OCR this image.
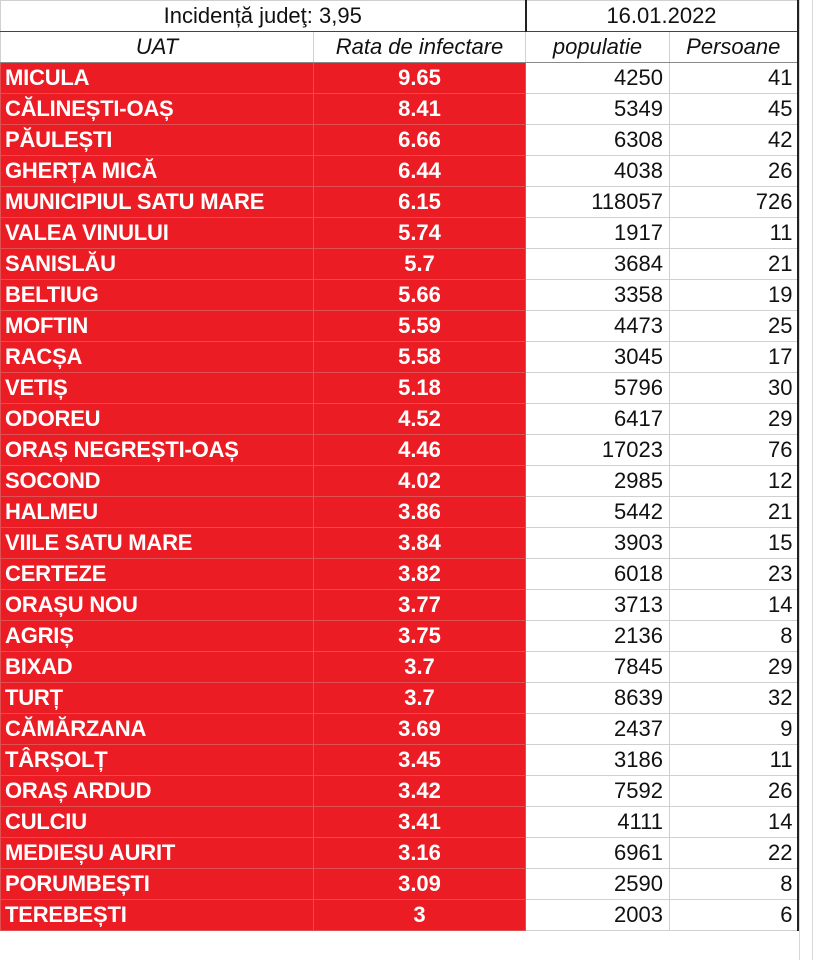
Incidență judeţ: 3,95		16.01.2022	
UAT	Rata de infectare	populatie	Persoane
MICULA	9.65	4250	41
CĂLINEȘTI-OAȘ	8.41	5349	45
PĂULEȘTI	6.66	6308	42
GHERȚA MICĂ	6.44	4038	26
MUNICIPIUL SATU MARE	6.15	118057	726
VALEA VINULUI	5.74	1917	11
SANISLĂU	5.7	3684	21
BELTIUG	5.66	3358	19
MOFTIN	5.59	4473	25
RACȘA	5.58	3045	17
VETIȘ	5.18	5796	30
ODOREU	4.52	6417	29
ORAȘ NEGREȘTI-OAȘ	4.46	17023	76
SOCOND	4.02	2985	12
HALMEU	3.86	5442	21
VIILE SATU MARE	3.84	3903	15
CERTEZE	3.82	6018	23
ORAȘU NOU	3.77	3713	14
AGRIȘ	3.75	2136	8
BIXAD	3.7	7845	29
TURȚ	3.7	8639	32
CĂMĂRZANA	3.69	2437	9
TÂRȘOLȚ	3.45	3186	11
ORAȘ ARDUD	3.42	7592	26
CULCIU	3.41	4111	14
MEDIEȘU AURIT	3.16	6961	22
PORUMBEȘTI	3.09	2590	8
TEREBEȘTI	3	2003	6
